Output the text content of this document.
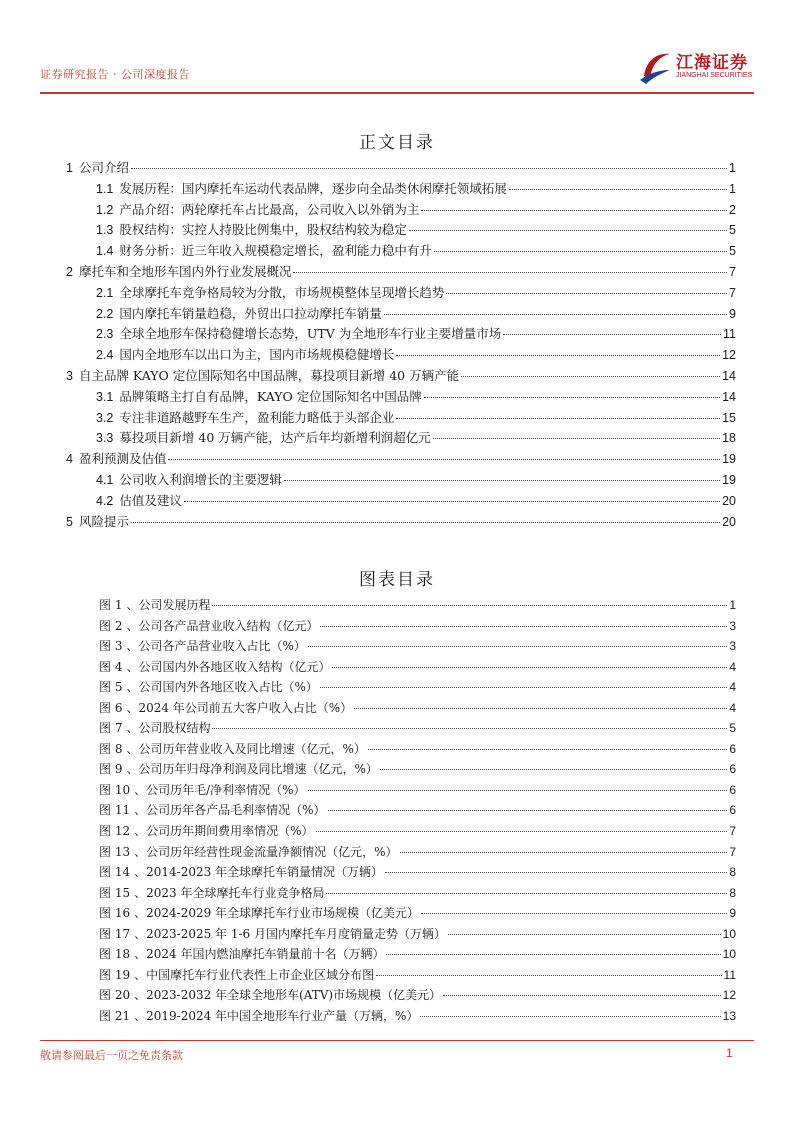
证券研究报告 · 公司深度报告
江海证券
JIANGHAI SECURITIES
正文目录
1 公司介绍	1
1.1 发展历程：国内摩托车运动代表品牌，逐步向全品类休闲摩托领域拓展	1
1.2 产品介绍：两轮摩托车占比最高，公司收入以外销为主	2
1.3 股权结构：实控人持股比例集中，股权结构较为稳定	5
1.4 财务分析：近三年收入规模稳定增长，盈利能力稳中有升	5
2 摩托车和全地形车国内外行业发展概况	7
2.1 全球摩托车竞争格局较为分散，市场规模整体呈现增长趋势	7
2.2 国内摩托车销量趋稳，外贸出口拉动摩托车销量	9
2.3 全球全地形车保持稳健增长态势，UTV 为全地形车行业主要增量市场	11
2.4 国内全地形车以出口为主，国内市场规模稳健增长	12
3 自主品牌 KAYO 定位国际知名中国品牌，募投项目新增 40 万辆产能	14
3.1 品牌策略主打自有品牌，KAYO 定位国际知名中国品牌	14
3.2 专注非道路越野车生产，盈利能力略低于头部企业	15
3.3 募投项目新增 40 万辆产能，达产后年均新增利润超亿元	18
4 盈利预测及估值	19
4.1 公司收入利润增长的主要逻辑	19
4.2 估值及建议	20
5 风险提示	20
图表目录
图 1 、公司发展历程	1
图 2 、公司各产品营业收入结构（亿元）	3
图 3 、公司各产品营业收入占比（%）	3
图 4 、公司国内外各地区收入结构（亿元）	4
图 5 、公司国内外各地区收入占比（%）	4
图 6 、2024 年公司前五大客户收入占比（%）	4
图 7 、公司股权结构	5
图 8 、公司历年营业收入及同比增速（亿元，%）	6
图 9 、公司历年归母净利润及同比增速（亿元，%）	6
图 10 、公司历年毛/净利率情况（%）	6
图 11 、公司历年各产品毛利率情况（%）	6
图 12 、公司历年期间费用率情况（%）	7
图 13 、公司历年经营性现金流量净额情况（亿元，%）	7
图 14 、2014-2023 年全球摩托车销量情况（万辆）	8
图 15 、2023 年全球摩托车行业竞争格局	8
图 16 、2024-2029 年全球摩托车行业市场规模（亿美元）	9
图 17 、2023-2025 年 1-6 月国内摩托车月度销量走势（万辆）	10
图 18 、2024 年国内燃油摩托车销量前十名（万辆）	10
图 19 、中国摩托车行业代表性上市企业区域分布图	11
图 20 、2023-2032 年全球全地形车(ATV)市场规模（亿美元）	12
图 21 、2019-2024 年中国全地形车行业产量（万辆，%）	13
敬请参阅最后一页之免责条款	1
